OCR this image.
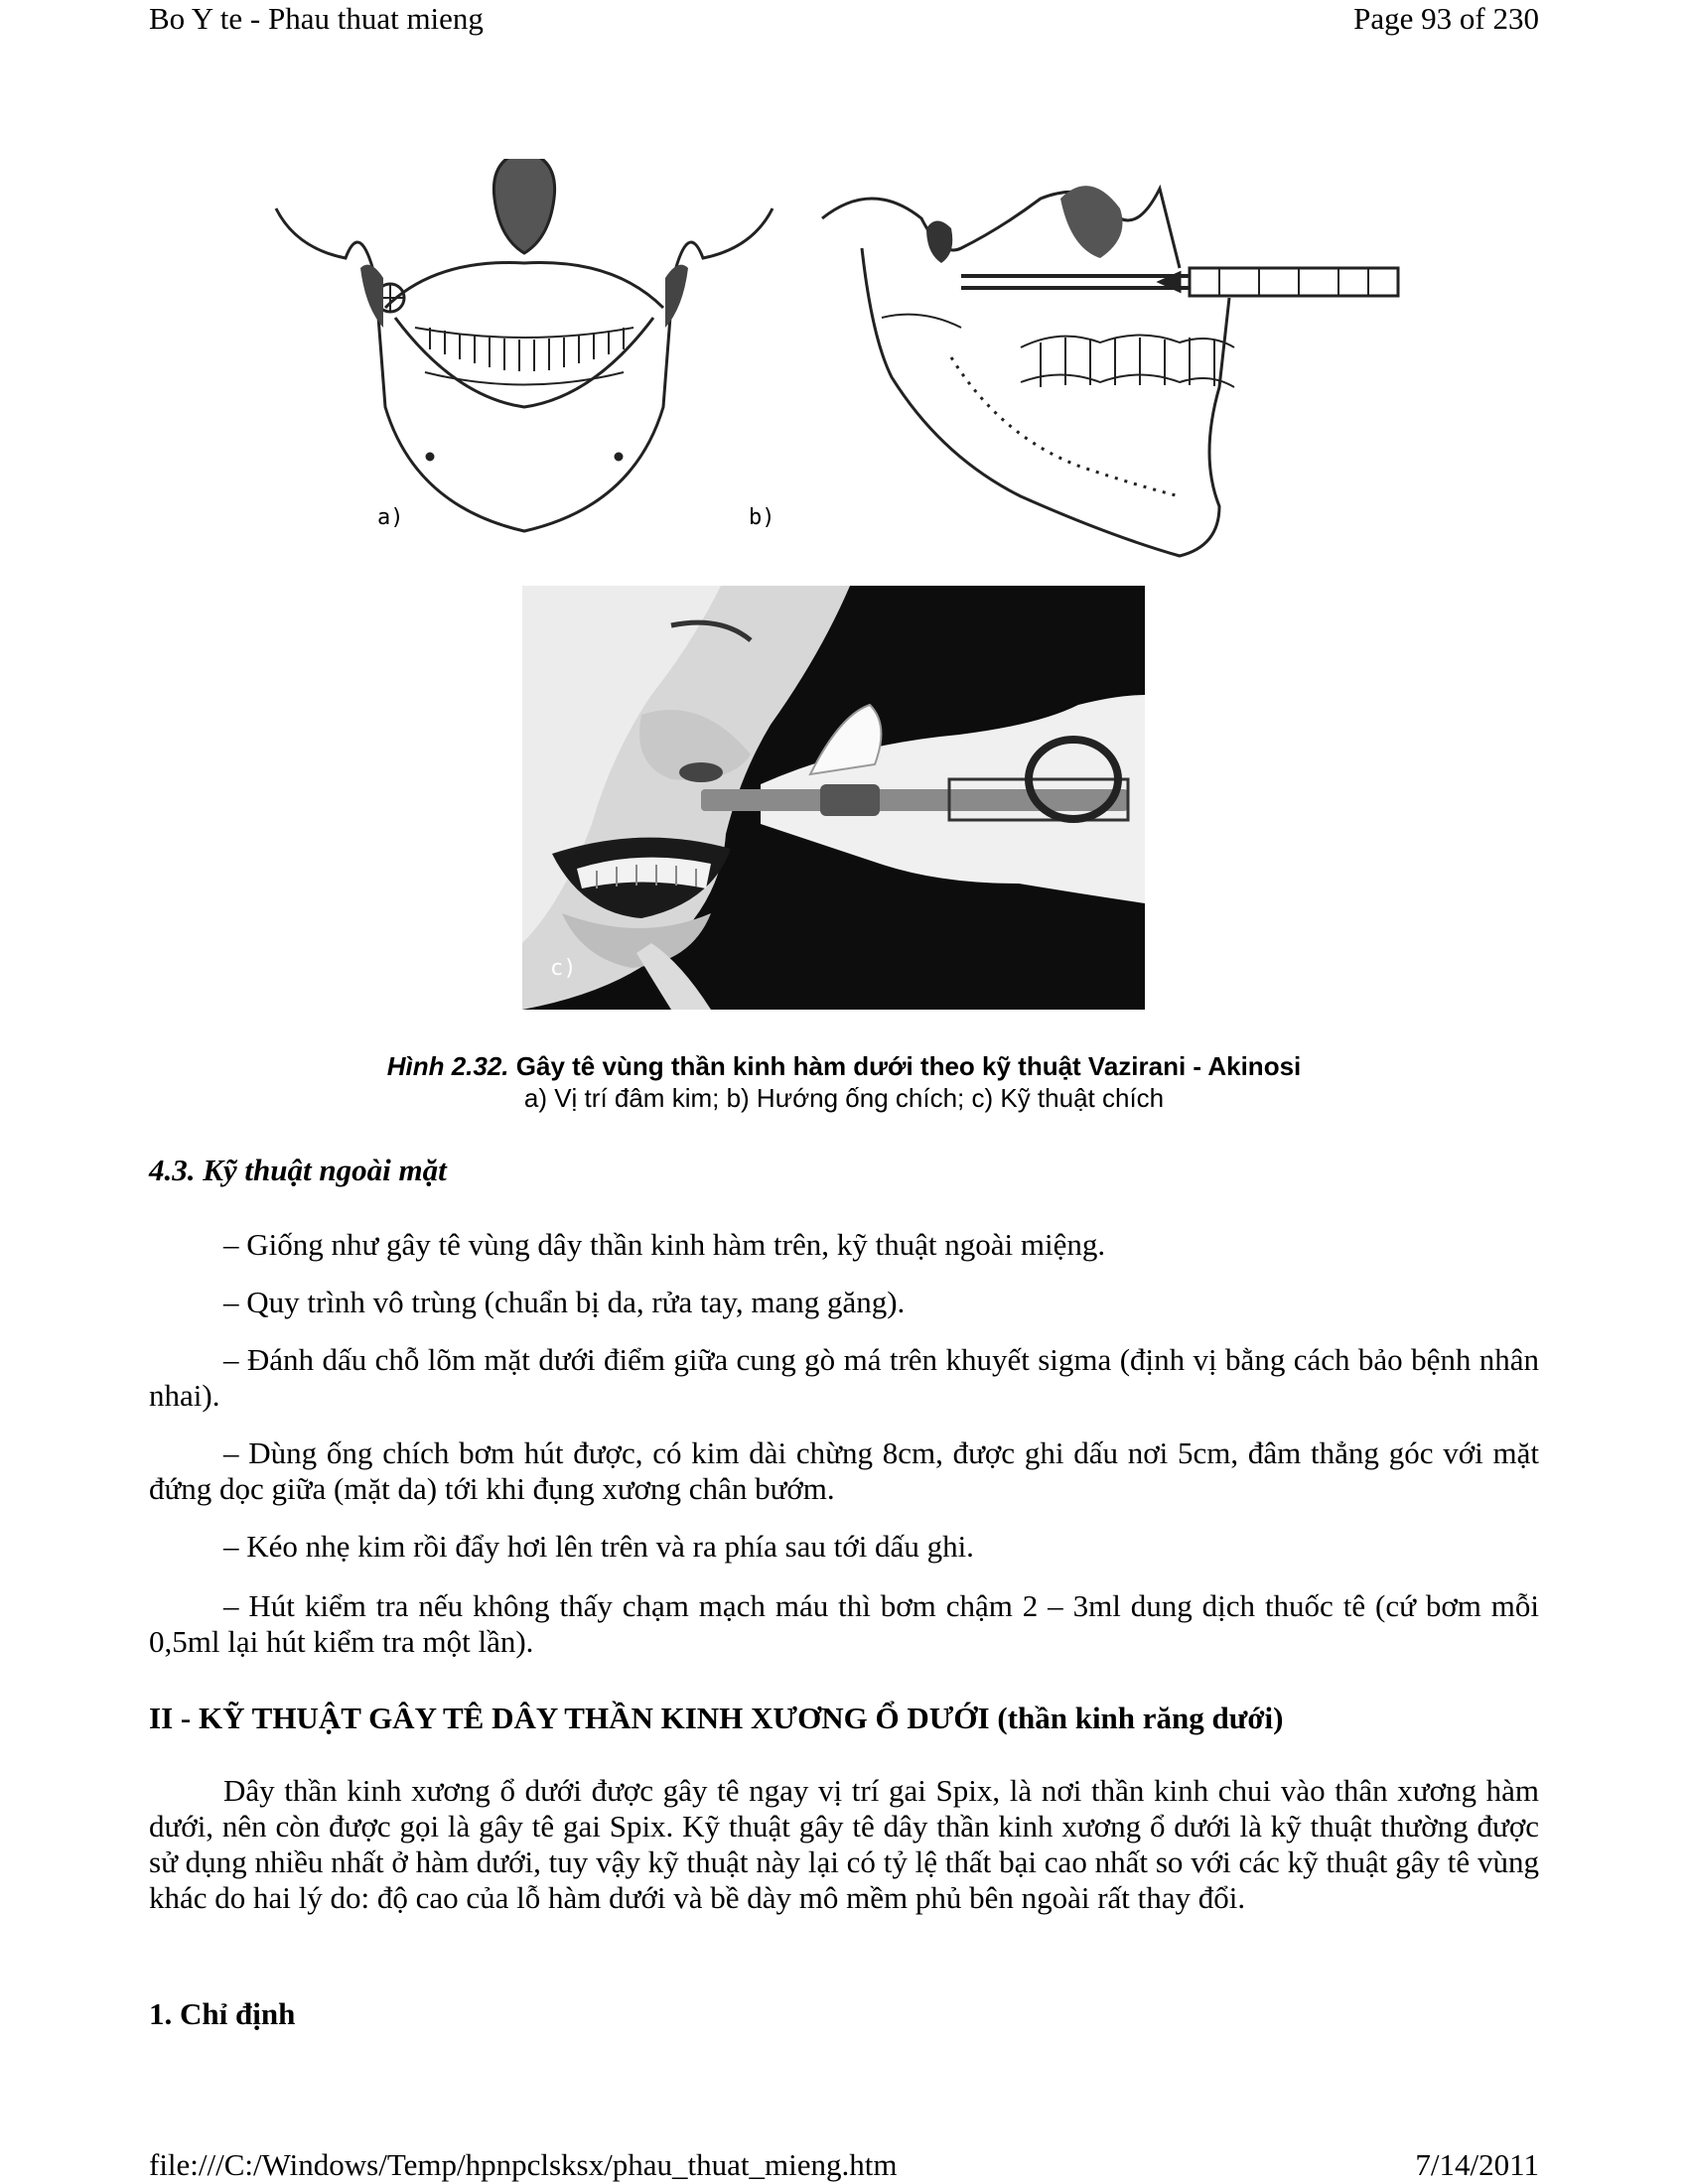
Bo Y te - Phau thuat mieng	Page 93 of 230
a)	b)
c)
Hình 2.32. Gây tê vùng thần kinh hàm dưới theo kỹ thuật Vazirani - Akinosi
a) Vị trí đâm kim; b) Hướng ống chích; c) Kỹ thuật chích
4.3. Kỹ thuật ngoài mặt

– Giống như gây tê vùng dây thần kinh hàm trên, kỹ thuật ngoài miệng.

– Quy trình vô trùng (chuẩn bị da, rửa tay, mang găng).

– Đánh dấu chỗ lõm mặt dưới điểm giữa cung gò má trên khuyết sigma (định vị bằng cách bảo bệnh nhân nhai).

– Dùng ống chích bơm hút được, có kim dài chừng 8cm, được ghi dấu nơi 5cm, đâm thẳng góc với mặt đứng dọc giữa (mặt da) tới khi đụng xương chân bướm.

– Kéo nhẹ kim rồi đẩy hơi lên trên và ra phía sau tới dấu ghi.

– Hút kiểm tra nếu không thấy chạm mạch máu thì bơm chậm 2 – 3ml dung dịch thuốc tê (cứ bơm mỗi 0,5ml lại hút kiểm tra một lần).

II - KỸ THUẬT GÂY TÊ DÂY THẦN KINH XƯƠNG Ổ DƯỚI (thần kinh răng dưới)

Dây thần kinh xương ổ dưới được gây tê ngay vị trí gai Spix, là nơi thần kinh chui vào thân xương hàm dưới, nên còn được gọi là gây tê gai Spix. Kỹ thuật gây tê dây thần kinh xương ổ dưới là kỹ thuật thường được sử dụng nhiều nhất ở hàm dưới, tuy vậy kỹ thuật này lại có tỷ lệ thất bại cao nhất so với các kỹ thuật gây tê vùng khác do hai lý do: độ cao của lỗ hàm dưới và bề dày mô mềm phủ bên ngoài rất thay đổi.

1. Chỉ định
file:///C:/Windows/Temp/hpnpclsksx/phau_thuat_mieng.htm	7/14/2011
